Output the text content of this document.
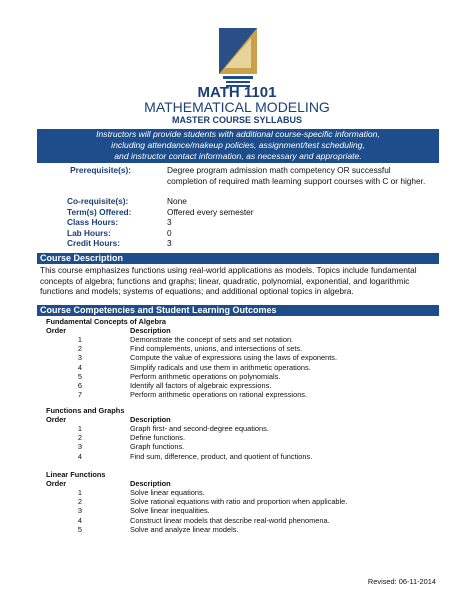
MATH 1101
MATHEMATICAL MODELING
MASTER COURSE SYLLABUS
Instructors will provide students with additional course-specific information,
including attendance/makeup policies, assignment/test scheduling,
and instructor contact information, as necessary and appropriate.
Prerequisite(s):	Degree program admission math competency OR successful completion of required math learning support courses with C or higher.
Co-requisite(s):	None
Term(s) Offered:	Offered every semester
Class Hours:	3
Lab Hours:	0
Credit Hours:	3
Course Description
This course emphasizes functions using real-world applications as models. Topics include fundamental concepts of algebra; functions and graphs; linear, quadratic, polynomial, exponential, and logarithmic functions and models; systems of equations; and additional optional topics in algebra.
Course Competencies and Student Learning Outcomes
Fundamental Concepts of Algebra
Order	Description
1	Demonstrate the concept of sets and set notation.
2	Find complements, unions, and intersections of sets.
3	Compute the value of expressions using the laws of exponents.
4	Simplify radicals and use them in arithmetic operations.
5	Perform arithmetic operations on polynomials.
6	Identify all factors of algebraic expressions.
7	Perform arithmetic operations on rational expressions.
Functions and Graphs
Order	Description
1	Graph first- and second-degree equations.
2	Define functions.
3	Graph functions.
4	Find sum, difference, product, and quotient of functions.
Linear Functions
Order	Description
1	Solve linear equations.
2	Solve rational equations with ratio and proportion when applicable.
3	Solve linear inequalities.
4	Construct linear models that describe real-world phenomena.
5	Solve and analyze linear models.
Revised: 06-11-2014
